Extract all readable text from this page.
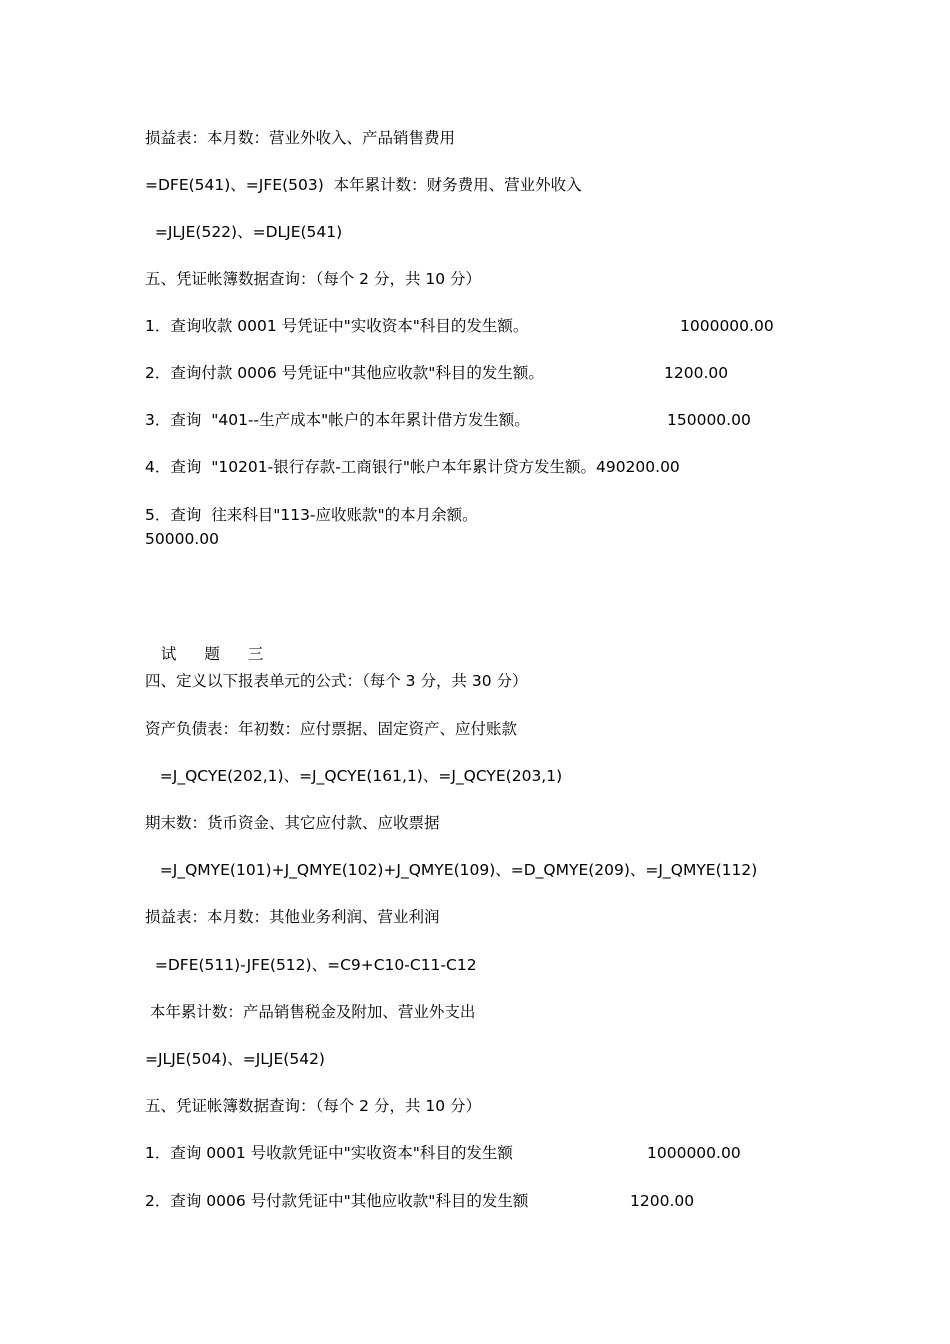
损益表：本月数：营业外收入、产品销售费用
=DFE(541)、=JFE(503)  本年累计数：财务费用、营业外收入
=JLJE(522)、=DLJE(541)
五、凭证帐簿数据查询：（每个 2 分，共 10 分）
1．查询收款 0001 号凭证中"实收资本"科目的发生额。	1000000.00
2．查询付款 0006 号凭证中"其他应收款"科目的发生额。	1200.00
3．查询  "401--生产成本"帐户的本年累计借方发生额。	150000.00
4．查询  "10201-银行存款-工商银行"帐户本年累计贷方发生额。490200.00
5．查询  往来科目"113-应收账款"的本月余额。
50000.00

试 题 三

四、定义以下报表单元的公式：（每个 3 分，共 30 分）
资产负债表：年初数：应付票据、固定资产、应付账款
=J_QCYE(202,1)、=J_QCYE(161,1)、=J_QCYE(203,1)
期末数：货币资金、其它应付款、应收票据
=J_QMYE(101)+J_QMYE(102)+J_QMYE(109)、=D_QMYE(209)、=J_QMYE(112)
损益表：本月数：其他业务利润、营业利润
=DFE(511)-JFE(512)、=C9+C10-C11-C12
本年累计数：产品销售税金及附加、营业外支出
=JLJE(504)、=JLJE(542)
五、凭证帐簿数据查询：（每个 2 分，共 10 分）
1．查询 0001 号收款凭证中"实收资本"科目的发生额	1000000.00
2．查询 0006 号付款凭证中"其他应收款"科目的发生额	1200.00
